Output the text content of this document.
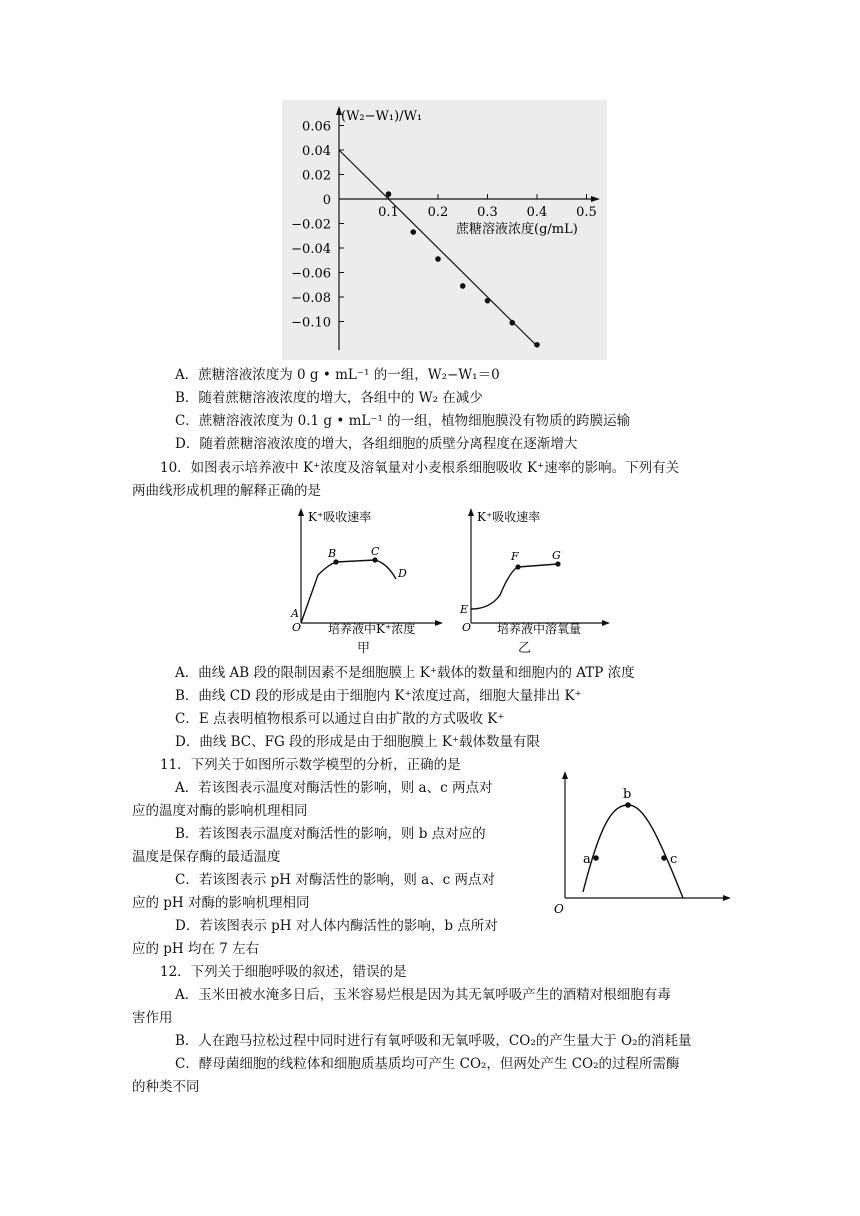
0.06
0.04
0.02
0
−0.02
−0.04
−0.06
−0.08
−0.10
0.1 0.2 0.3 0.4 0.5
(W₂−W₁)/W₁
蔗糖溶液浓度(g/mL)
A．蔗糖溶液浓度为 0 g • mL⁻¹ 的一组，W₂−W₁＝0
B．随着蔗糖溶液浓度的增大，各组中的 W₂ 在减少
C．蔗糖溶液浓度为 0.1 g • mL⁻¹ 的一组，植物细胞膜没有物质的跨膜运输
D．随着蔗糖溶液浓度的增大，各组细胞的质壁分离程度在逐渐增大
10．如图表示培养液中 K⁺浓度及溶氧量对小麦根系细胞吸收 K⁺速率的影响。下列有关
两曲线形成机理的解释正确的是
K⁺吸收速率
A
B	C
D
O 培养液中K⁺浓度
甲
K⁺吸收速率
E
F	G
O 培养液中溶氧量
乙
A．曲线 AB 段的限制因素不是细胞膜上 K⁺载体的数量和细胞内的 ATP 浓度
B．曲线 CD 段的形成是由于细胞内 K⁺浓度过高，细胞大量排出 K⁺
C．E 点表明植物根系可以通过自由扩散的方式吸收 K⁺
D．曲线 BC、FG 段的形成是由于细胞膜上 K⁺载体数量有限
11．下列关于如图所示数学模型的分析，正确的是
A．若该图表示温度对酶活性的影响，则 a、c 两点对
应的温度对酶的影响机理相同
B．若该图表示温度对酶活性的影响，则 b 点对应的
温度是保存酶的最适温度
C．若该图表示 pH 对酶活性的影响，则 a、c 两点对
应的 pH 对酶的影响机理相同
D．若该图表示 pH 对人体内酶活性的影响，b 点所对
应的 pH 均在 7 左右
a
b
c
O
12．下列关于细胞呼吸的叙述，错误的是
A．玉米田被水淹多日后，玉米容易烂根是因为其无氧呼吸产生的酒精对根细胞有毒
害作用
B．人在跑马拉松过程中同时进行有氧呼吸和无氧呼吸，CO₂的产生量大于 O₂的消耗量
C．酵母菌细胞的线粒体和细胞质基质均可产生 CO₂，但两处产生 CO₂的过程所需酶
的种类不同
